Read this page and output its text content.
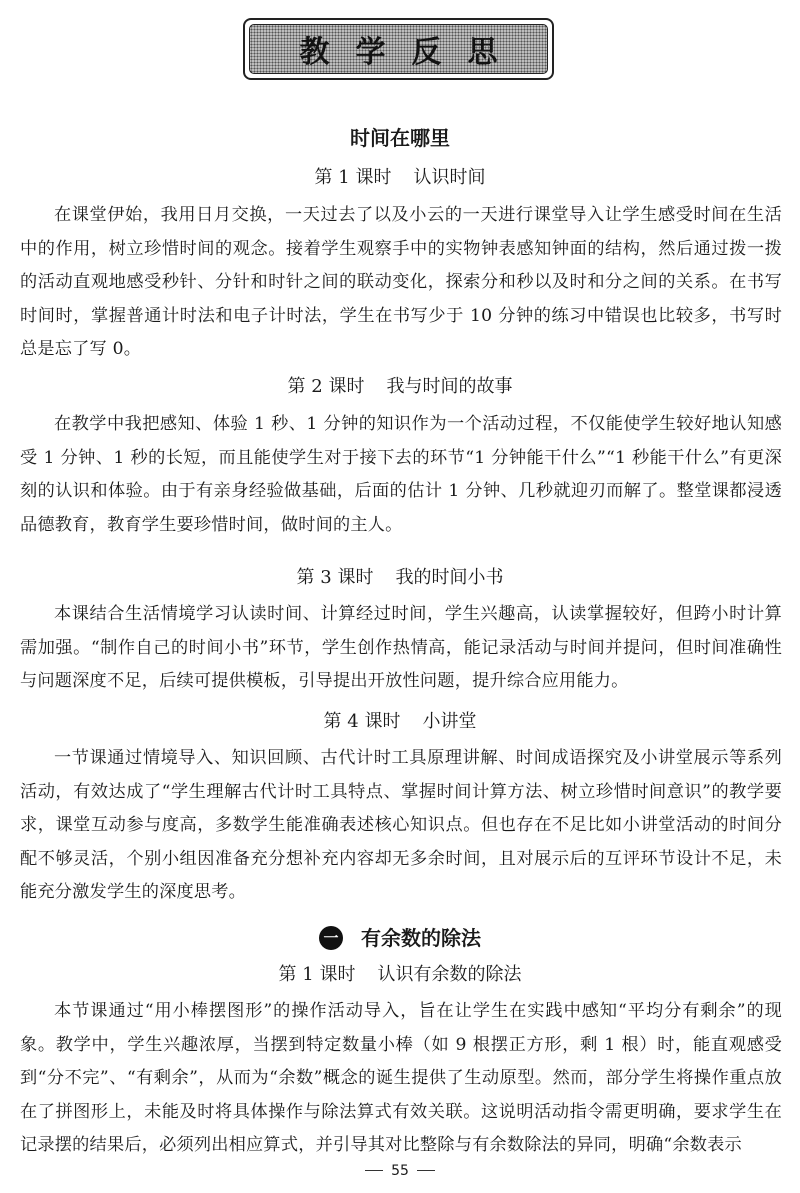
教学反思
时间在哪里
第 1 课时 认识时间
在课堂伊始，我用日月交换，一天过去了以及小云的一天进行课堂导入让学生感受时间在生活中的作用，树立珍惜时间的观念。接着学生观察手中的实物钟表感知钟面的结构，然后通过拨一拨的活动直观地感受秒针、分针和时针之间的联动变化，探索分和秒以及时和分之间的关系。在书写时间时，掌握普通计时法和电子计时法，学生在书写少于 10 分钟的练习中错误也比较多，书写时总是忘了写 0。
第 2 课时 我与时间的故事
在教学中我把感知、体验 1 秒、1 分钟的知识作为一个活动过程，不仅能使学生较好地认知感受 1 分钟、1 秒的长短，而且能使学生对于接下去的环节“1 分钟能干什么”“1 秒能干什么”有更深刻的认识和体验。由于有亲身经验做基础，后面的估计 1 分钟、几秒就迎刃而解了。整堂课都浸透品德教育，教育学生要珍惜时间，做时间的主人。
第 3 课时 我的时间小书
本课结合生活情境学习认读时间、计算经过时间，学生兴趣高，认读掌握较好，但跨小时计算需加强。“制作自己的时间小书”环节，学生创作热情高，能记录活动与时间并提问，但时间准确性与问题深度不足，后续可提供模板，引导提出开放性问题，提升综合应用能力。
第 4 课时 小讲堂
一节课通过情境导入、知识回顾、古代计时工具原理讲解、时间成语探究及小讲堂展示等系列活动，有效达成了“学生理解古代计时工具特点、掌握时间计算方法、树立珍惜时间意识”的教学要求，课堂互动参与度高，多数学生能准确表述核心知识点。但也存在不足比如小讲堂活动的时间分配不够灵活，个别小组因准备充分想补充内容却无多余时间，且对展示后的互评环节设计不足，未能充分激发学生的深度思考。
一 有余数的除法
第 1 课时 认识有余数的除法
本节课通过“用小棒摆图形”的操作活动导入，旨在让学生在实践中感知“平均分有剩余”的现象。教学中，学生兴趣浓厚，当摆到特定数量小棒（如 9 根摆正方形，剩 1 根）时，能直观感受到“分不完”、“有剩余”，从而为“余数”概念的诞生提供了生动原型。然而，部分学生将操作重点放在了拼图形上，未能及时将具体操作与除法算式有效关联。这说明活动指令需更明确，要求学生在记录摆的结果后，必须列出相应算式，并引导其对比整除与有余数除法的异同，明确“余数表示
55
